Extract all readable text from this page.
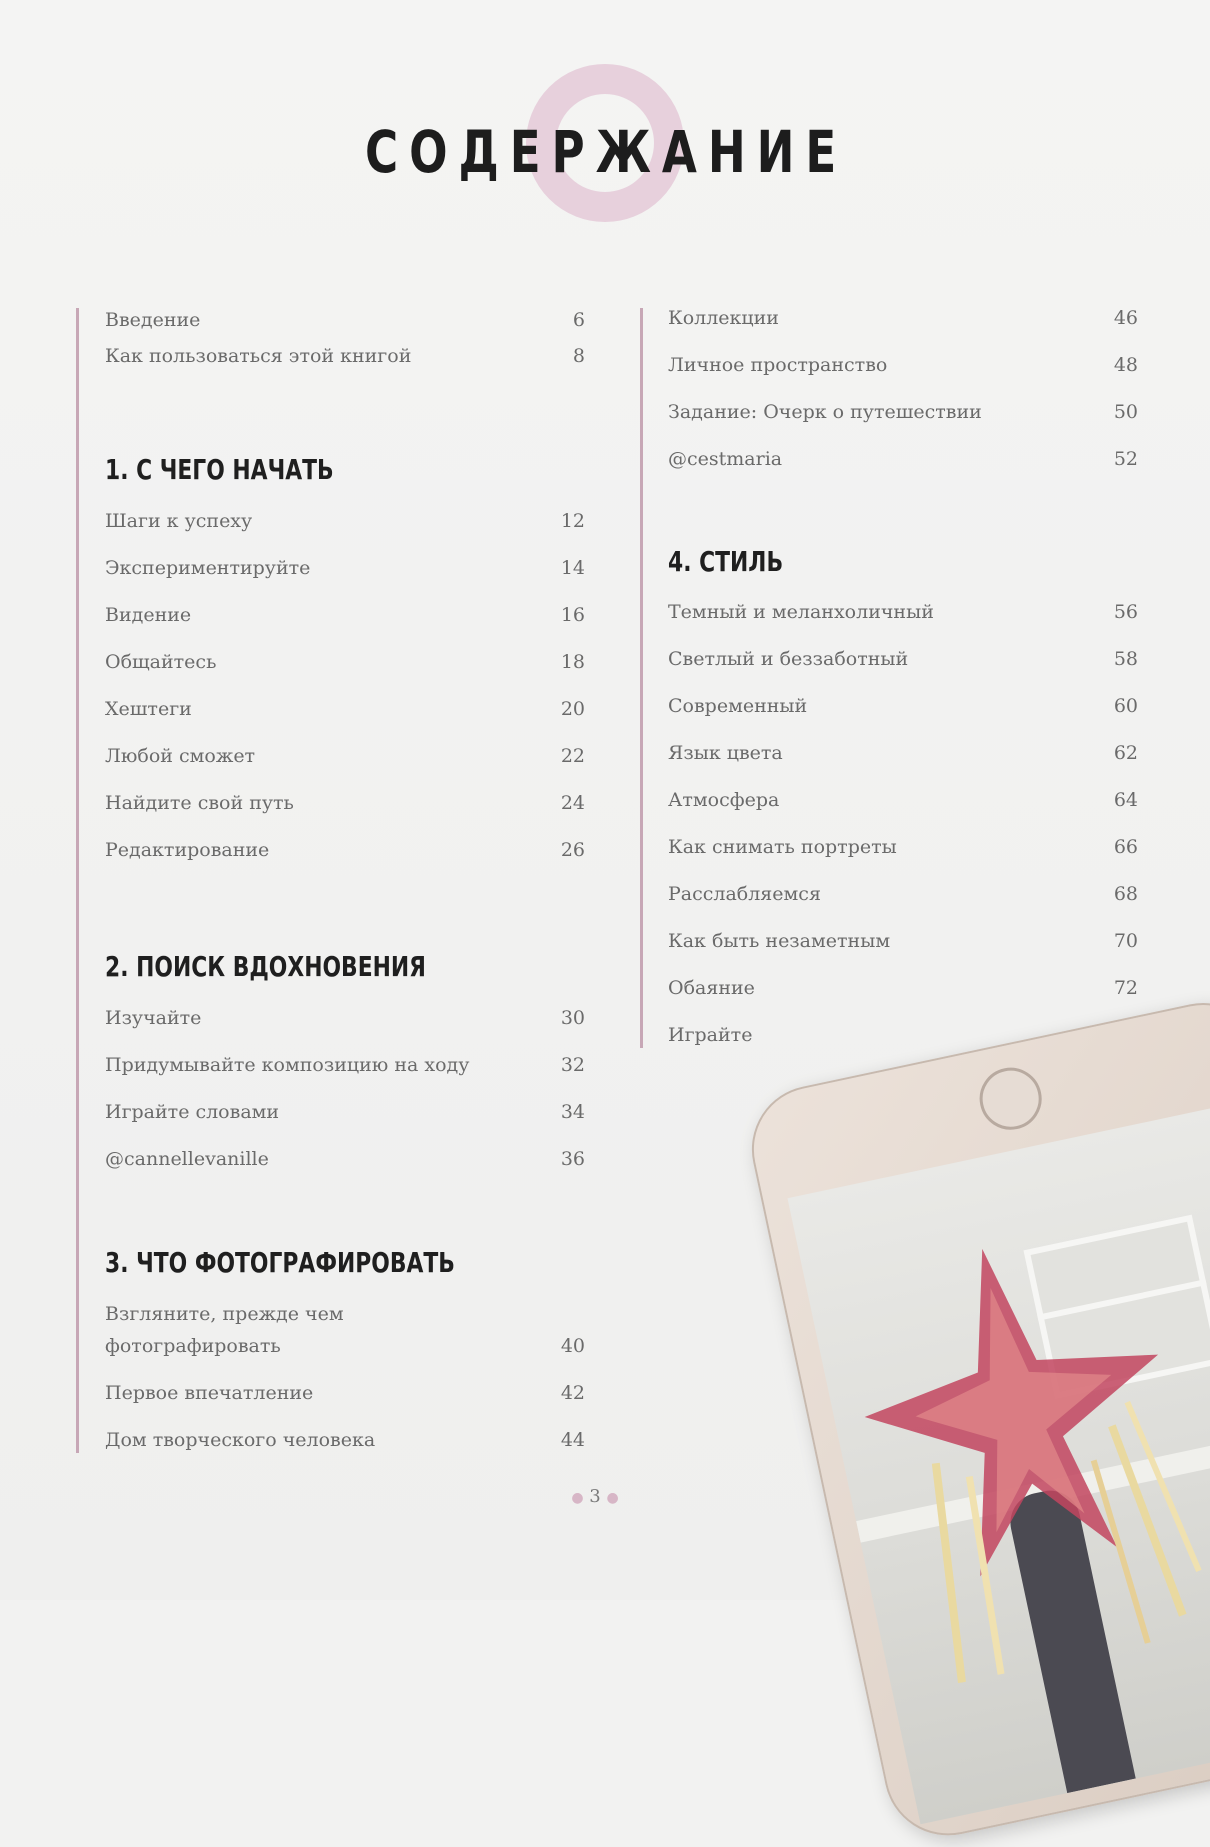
СОДЕРЖАНИЕ
Введение	6
Как пользоваться этой книгой	8
1. С ЧЕГО НАЧАТЬ
Шаги к успеху	12
Экспериментируйте	14
Видение	16
Общайтесь	18
Хештеги	20
Любой сможет	22
Найдите свой путь	24
Редактирование	26
2. ПОИСК ВДОХНОВЕНИЯ
Изучайте	30
Придумывайте композицию на ходу	32
Играйте словами	34
@cannellevanille	36
3. ЧТО ФОТОГРАФИРОВАТЬ
Взгляните, прежде чем фотографировать	40
Первое впечатление	42
Дом творческого человека	44
Коллекции	46
Личное пространство	48
Задание: Очерк о путешествии	50
@cestmaria	52
4. СТИЛЬ
Темный и меланхоличный	56
Светлый и беззаботный	58
Современный	60
Язык цвета	62
Атмосфера	64
Как снимать портреты	66
Расслабляемся	68
Как быть незаметным	70
Обаяние	72
Играйте
● 3 ●
